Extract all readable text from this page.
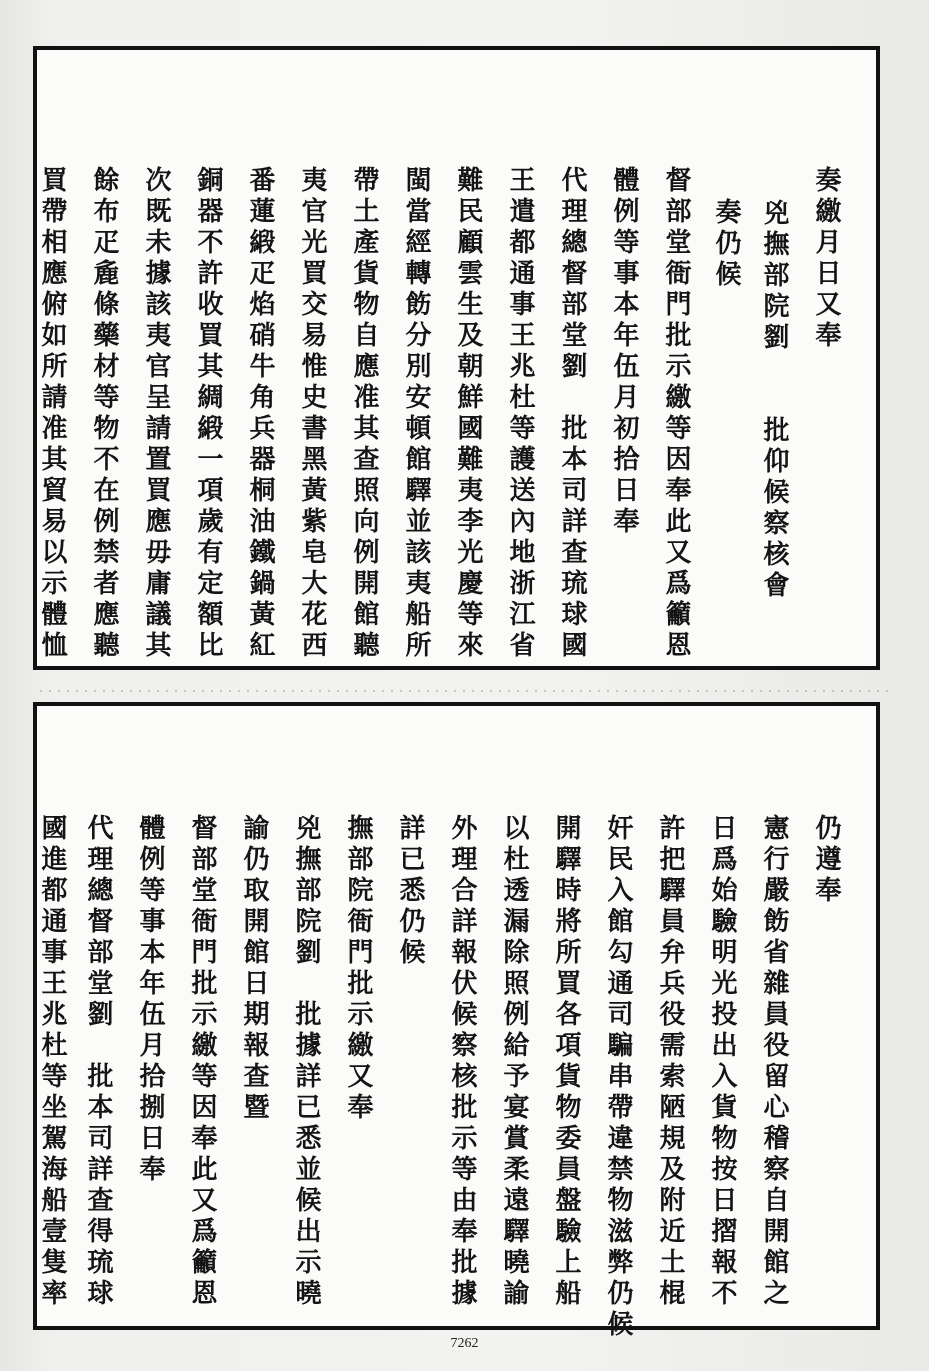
奏繳月日又奉
　兇撫部院劉　　批仰候察核會
　　奏仍候
督部堂衙門批示繳等因奉此又爲籲恩
體例等事本年伍月初拾日奉
代理總督部堂劉　批本司詳查琉球國
王遣都通事王兆杜等護送內地浙江省
難民顧雲生及朝鮮國難夷李光慶等來
閩當經轉飭分別安頓館驛並該夷船所
帶土產貨物自應准其查照向例開館聽
夷官光買交易惟史書黑黃紫皂大花西
番蓮緞疋焰硝牛角兵器桐油鐵鍋黃紅
銅器不許收買其綢緞一項歲有定額比
次既未據該夷官呈請置買應毋庸議其
餘布疋麁條藥材等物不在例禁者應聽
買帶相應俯如所請准其貿易以示體恤
仍遵奉
憲行嚴飭省雜員役留心稽察自開館之
日爲始驗明光投出入貨物按日摺報不
許把驛員弁兵役需索陋規及附近土棍
奸民入館勾通司騙串帶違禁物滋弊仍候
開驛時將所買各項貨物委員盤驗上船
以杜透漏除照例給予宴賞柔遠驛曉諭
外理合詳報伏候察核批示等由奉批據
詳已悉仍候
撫部院衙門批示繳又奉
兇撫部院劉　批據詳已悉並候出示曉
諭仍取開館日期報查暨
督部堂衙門批示繳等因奉此又爲籲恩
體例等事本年伍月拾捌日奉
代理總督部堂劉　批本司詳查得琉球
國進都通事王兆杜等坐駕海船壹隻率
7262
